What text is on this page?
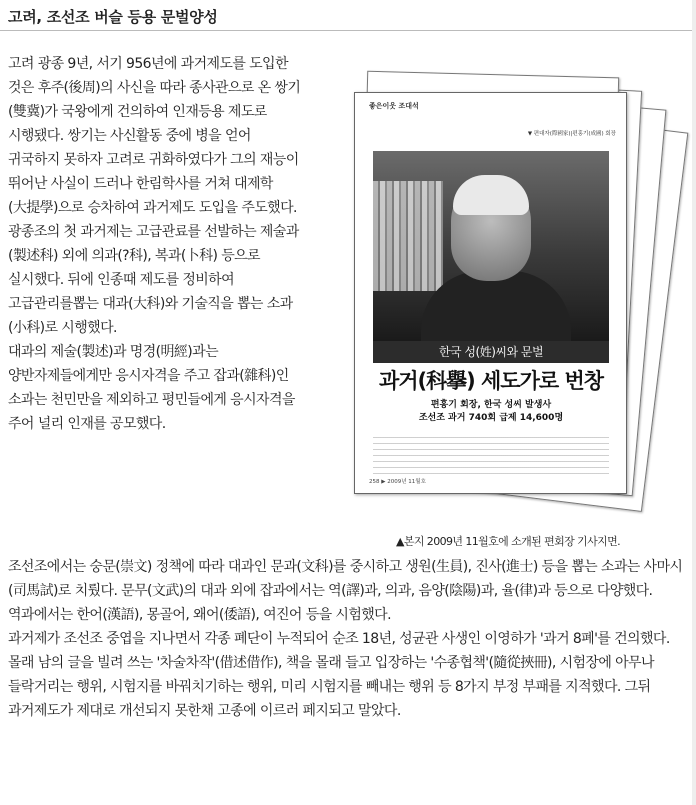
고려, 조선조 버슬 등용 문벌양성

고려 광종 9년, 서기 956년에 과거제도를 도입한 것은 후주(後周)의 사신을 따라 종사관으로 온 쌍기(雙冀)가 국왕에게 건의하여 인재등용 제도로 시행됐다. 쌍기는 사신활동 중에 병을 얻어 귀국하지 못하자 고려로 귀화하였다가 그의 재능이 뛰어난 사실이 드러나 한림학사를 거쳐 대제학(大提學)으로 승차하여 과거제도 도입을 주도했다.

광종조의 첫 과거제는 고급관료를 선발하는 제술과(製述科) 외에 의과(?科), 복과(卜科) 등으로 실시했다. 뒤에 인종때 제도를 정비하여 고급관리를뽑는 대과(大科)와 기술직을 뽑는 소과(小科)로 시행했다.

대과의 제술(製述)과 명경(明經)과는 양반자제들에게만 응시자격을 주고 잡과(雜科)인 소과는 천민만을 제외하고 평민들에게 응시자격을 주어 널리 인재를 공모했다.

좋은이웃 조대석
▼ 편대자(際國家)|편홍기(成國) 회장
한국 성(姓)씨와 문벌
과거(科擧) 세도가로 번창
편홍기 회장, 한국 성씨 발생사
조선조 과거 740회 급제 14,600명
258 ▶ 2009년 11월호
▲본지 2009년 11월호에 소개된 편회장 기사지면.

조선조에서는 숭문(崇文) 정책에 따라 대과인 문과(文科)를 중시하고 생원(生員), 진사(進士) 등을 뽑는 소과는 사마시(司馬試)로 치뤘다. 문무(文武)의 대과 외에 잡과에서는 역(譯)과, 의과, 음양(陰陽)과, 율(律)과 등으로 다양했다. 역과에서는 한어(漢語), 몽골어, 왜어(倭語), 여진어 등을 시험했다.

과거제가 조선조 중엽을 지나면서 각종 폐단이 누적되어 순조 18년, 성균관 사생인 이영하가 '과거 8폐'를 건의했다.

몰래 남의 글을 빌려 쓰는 '차술차작'(借述借作), 책을 몰래 들고 입장하는 '수종협책'(隨從挾冊), 시험장에 아무나 들락거리는 행위, 시험지를 바꿔치기하는 행위, 미리 시험지를 빼내는 행위 등 8가지 부정 부패를 지적했다. 그뒤 과거제도가 제대로 개선되지 못한채 고종에 이르러 페지되고 말았다.
